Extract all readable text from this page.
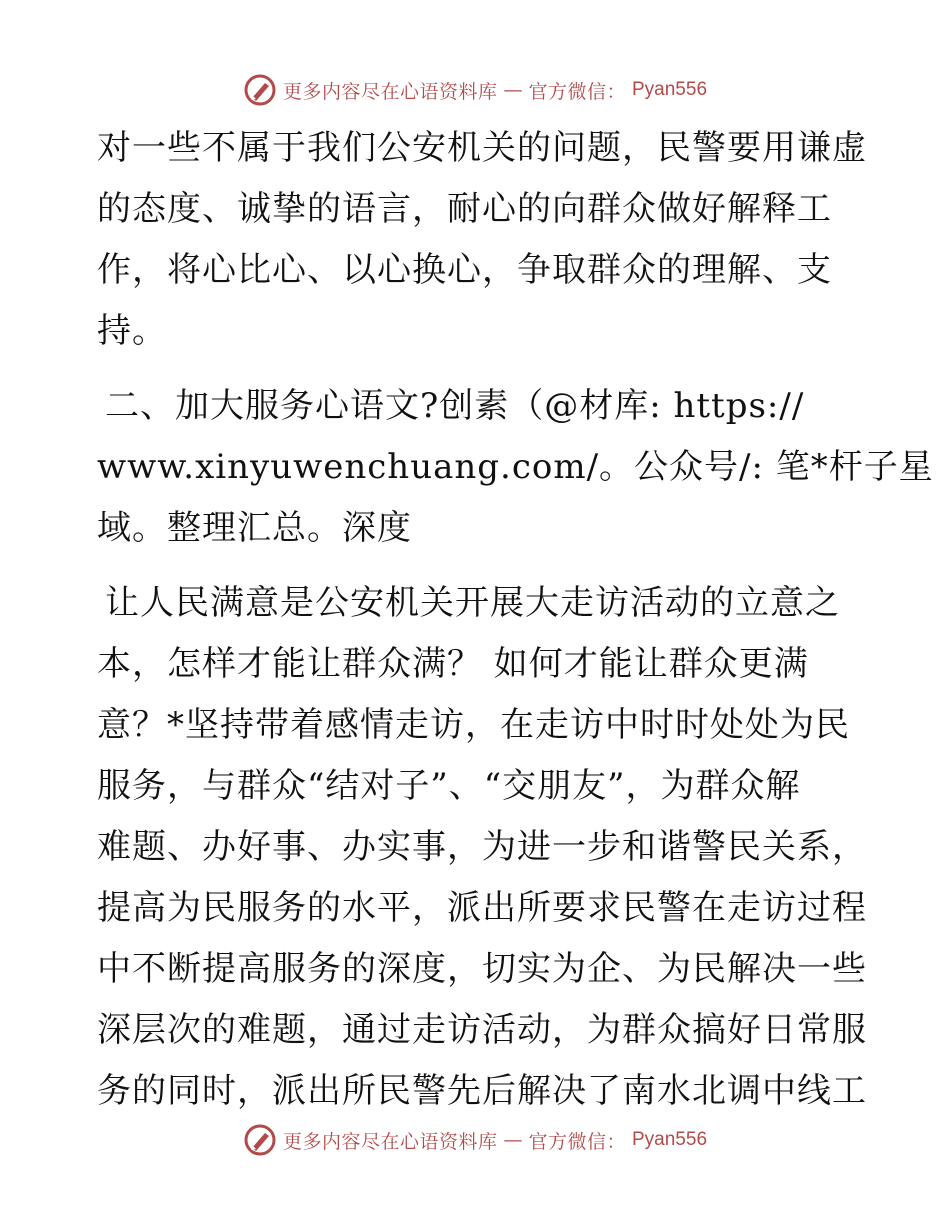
更多内容尽在心语资料库 — 官方微信： Pyan556
对一些不属于我们公安机关的问题，民警要用谦虚
的态度、诚挚的语言，耐心的向群众做好解释工
作，将心比心、以心换心，争取群众的理解、支
持。
二、加大服务心语文?创素（@材库: https://
www.xinyuwenchuang.com/。公众号/: 笔*杆子星
域。整理汇总。深度
让人民满意是公安机关开展大走访活动的立意之
本，怎样才能让群众满？ 如何才能让群众更满
意？*坚持带着感情走访，在走访中时时处处为民
服务，与群众“结对子”、“交朋友”，为群众解
难题、办好事、办实事，为进一步和谐警民关系，
提高为民服务的水平，派出所要求民警在走访过程
中不断提高服务的深度，切实为企、为民解决一些
深层次的难题，通过走访活动，为群众搞好日常服
务的同时，派出所民警先后解决了南水北调中线工
更多内容尽在心语资料库 — 官方微信： Pyan556
